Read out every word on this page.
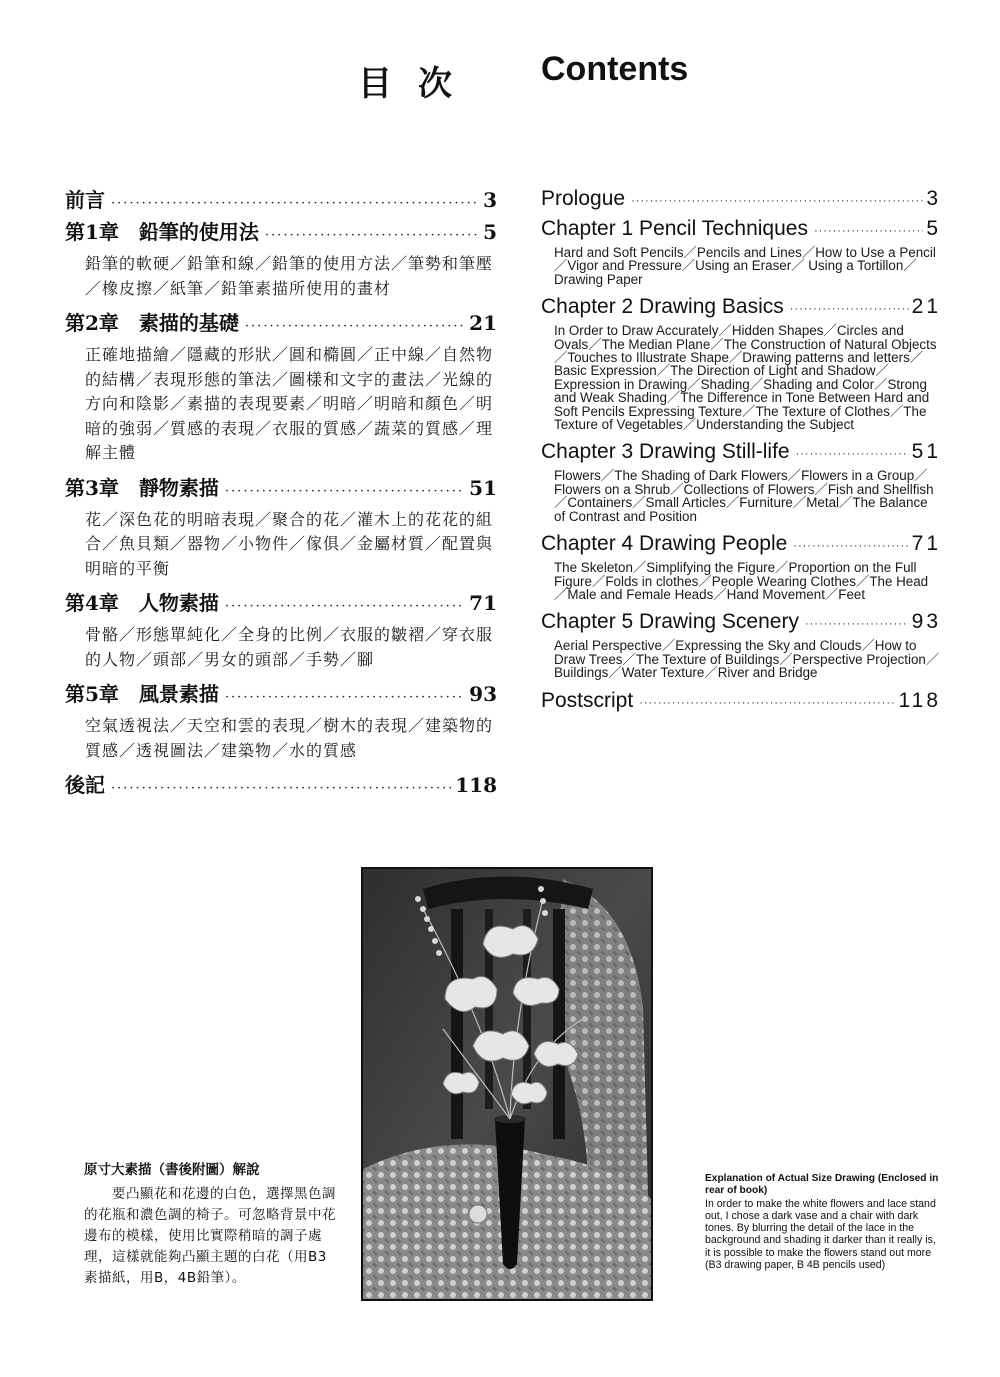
目次 Contents
前言 ·····	3
第1章 鉛筆的使用法 ·····	5
鉛筆的軟硬／鉛筆和線／鉛筆的使用方法／筆勢和筆壓／橡皮擦／紙筆／鉛筆素描所使用的畫材
第2章 素描的基礎 ·····	21
正確地描繪／隱藏的形狀／圓和橢圓／正中線／自然物的結構／表現形態的筆法／圖樣和文字的畫法／光線的方向和陰影／素描的表現要素／明暗／明暗和顏色／明暗的強弱／質感的表現／衣服的質感／蔬菜的質感／理解主體
第3章 靜物素描 ·····	51
花／深色花的明暗表現／聚合的花／灌木上的花花的組合／魚貝類／器物／小物件／傢俱／金屬材質／配置與明暗的平衡
第4章 人物素描 ·····	71
骨骼／形態單純化／全身的比例／衣服的皺褶／穿衣服的人物／頭部／男女的頭部／手勢／腳
第5章 風景素描 ·····	93
空氣透視法／天空和雲的表現／樹木的表現／建築物的質感／透視圖法／建築物／水的質感
後記 ·····	118
Prologue ·····	3
Chapter 1 Pencil Techniques ·····	5
Hard and Soft Pencils／Pencils and Lines／How to Use a Pencil／Vigor and Pressure／Using an Eraser／ Using a Tortillon／Drawing Paper
Chapter 2 Drawing Basics ·····	21
In Order to Draw Accurately／Hidden Shapes／Circles and Ovals／The Median Plane／The Construction of Natural Objects／Touches to Illustrate Shape／Drawing patterns and letters／Basic Expression／The Direction of Light and Shadow／Expression in Drawing／Shading／Shading and Color／Strong and Weak Shading／The Difference in Tone Between Hard and Soft Pencils Expressing Texture／The Texture of Clothes／The Texture of Vegetables／Understanding the Subject
Chapter 3 Drawing Still-life ·····	51
Flowers／The Shading of Dark Flowers／Flowers in a Group／Flowers on a Shrub／Collections of Flowers／Fish and Shellfish／Containers／Small Articles／Furniture／Metal／The Balance of Contrast and Position
Chapter 4 Drawing People ·····	71
The Skeleton／Simplifying the Figure／Proportion on the Full Figure／Folds in clothes／People Wearing Clothes／The Head／Male and Female Heads／Hand Movement／Feet
Chapter 5 Drawing Scenery ·····	93
Aerial Perspective／Expressing the Sky and Clouds／How to Draw Trees／The Texture of Buildings／Perspective Projection／Buildings／Water Texture／River and Bridge
Postscript ·····	118
原寸大素描（書後附圖）解說
要凸顯花和花邊的白色，選擇黑色調的花瓶和濃色調的椅子。可忽略背景中花邊布的模樣，使用比實際稍暗的調子處理，這樣就能夠凸顯主題的白花（用B3素描紙，用B，4B鉛筆）。
Explanation of Actual Size Drawing (Enclosed in rear of book)
In order to make the white flowers and lace stand out, I chose a dark vase and a chair with dark tones. By blurring the detail of the lace in the background and shading it darker than it really is, it is possible to make the flowers stand out more (B3 drawing paper, B 4B pencils used)
